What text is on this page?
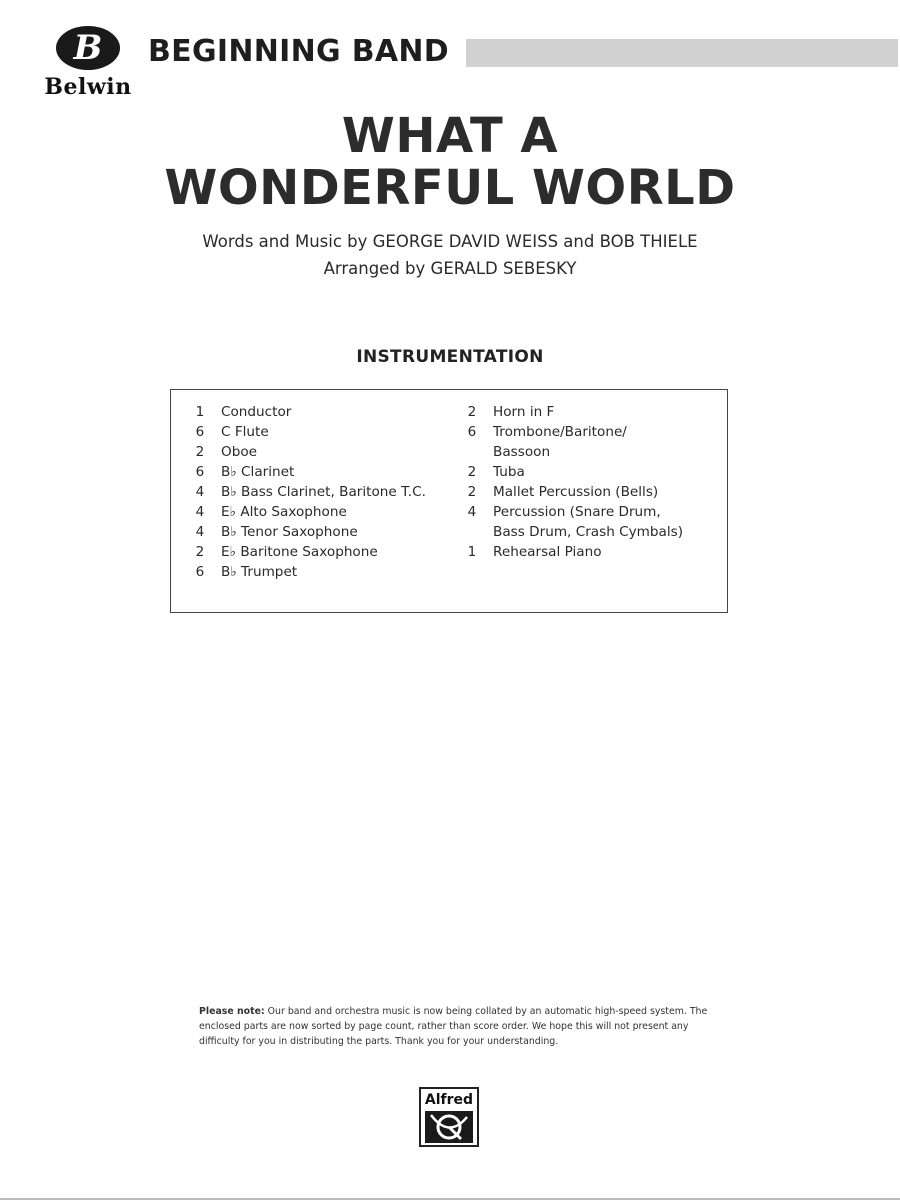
B
Belwin
BEGINNING BAND
WHAT A
WONDERFUL WORLD
Words and Music by GEORGE DAVID WEISS and BOB THIELE
Arranged by GERALD SEBESKY
INSTRUMENTATION
1 Conductor
6 C Flute
2 Oboe
6 B♭ Clarinet
4 B♭ Bass Clarinet, Baritone T.C.
4 E♭ Alto Saxophone
4 B♭ Tenor Saxophone
2 E♭ Baritone Saxophone
6 B♭ Trumpet
2 Horn in F
6 Trombone/Baritone/
Bassoon
2 Tuba
2 Mallet Percussion (Bells)
4 Percussion (Snare Drum,
Bass Drum, Crash Cymbals)
1 Rehearsal Piano
Please note: Our band and orchestra music is now being collated by an automatic high-speed system. The enclosed parts are now sorted by page count, rather than score order. We hope this will not present any difficulty for you in distributing the parts. Thank you for your understanding.
Alfred
